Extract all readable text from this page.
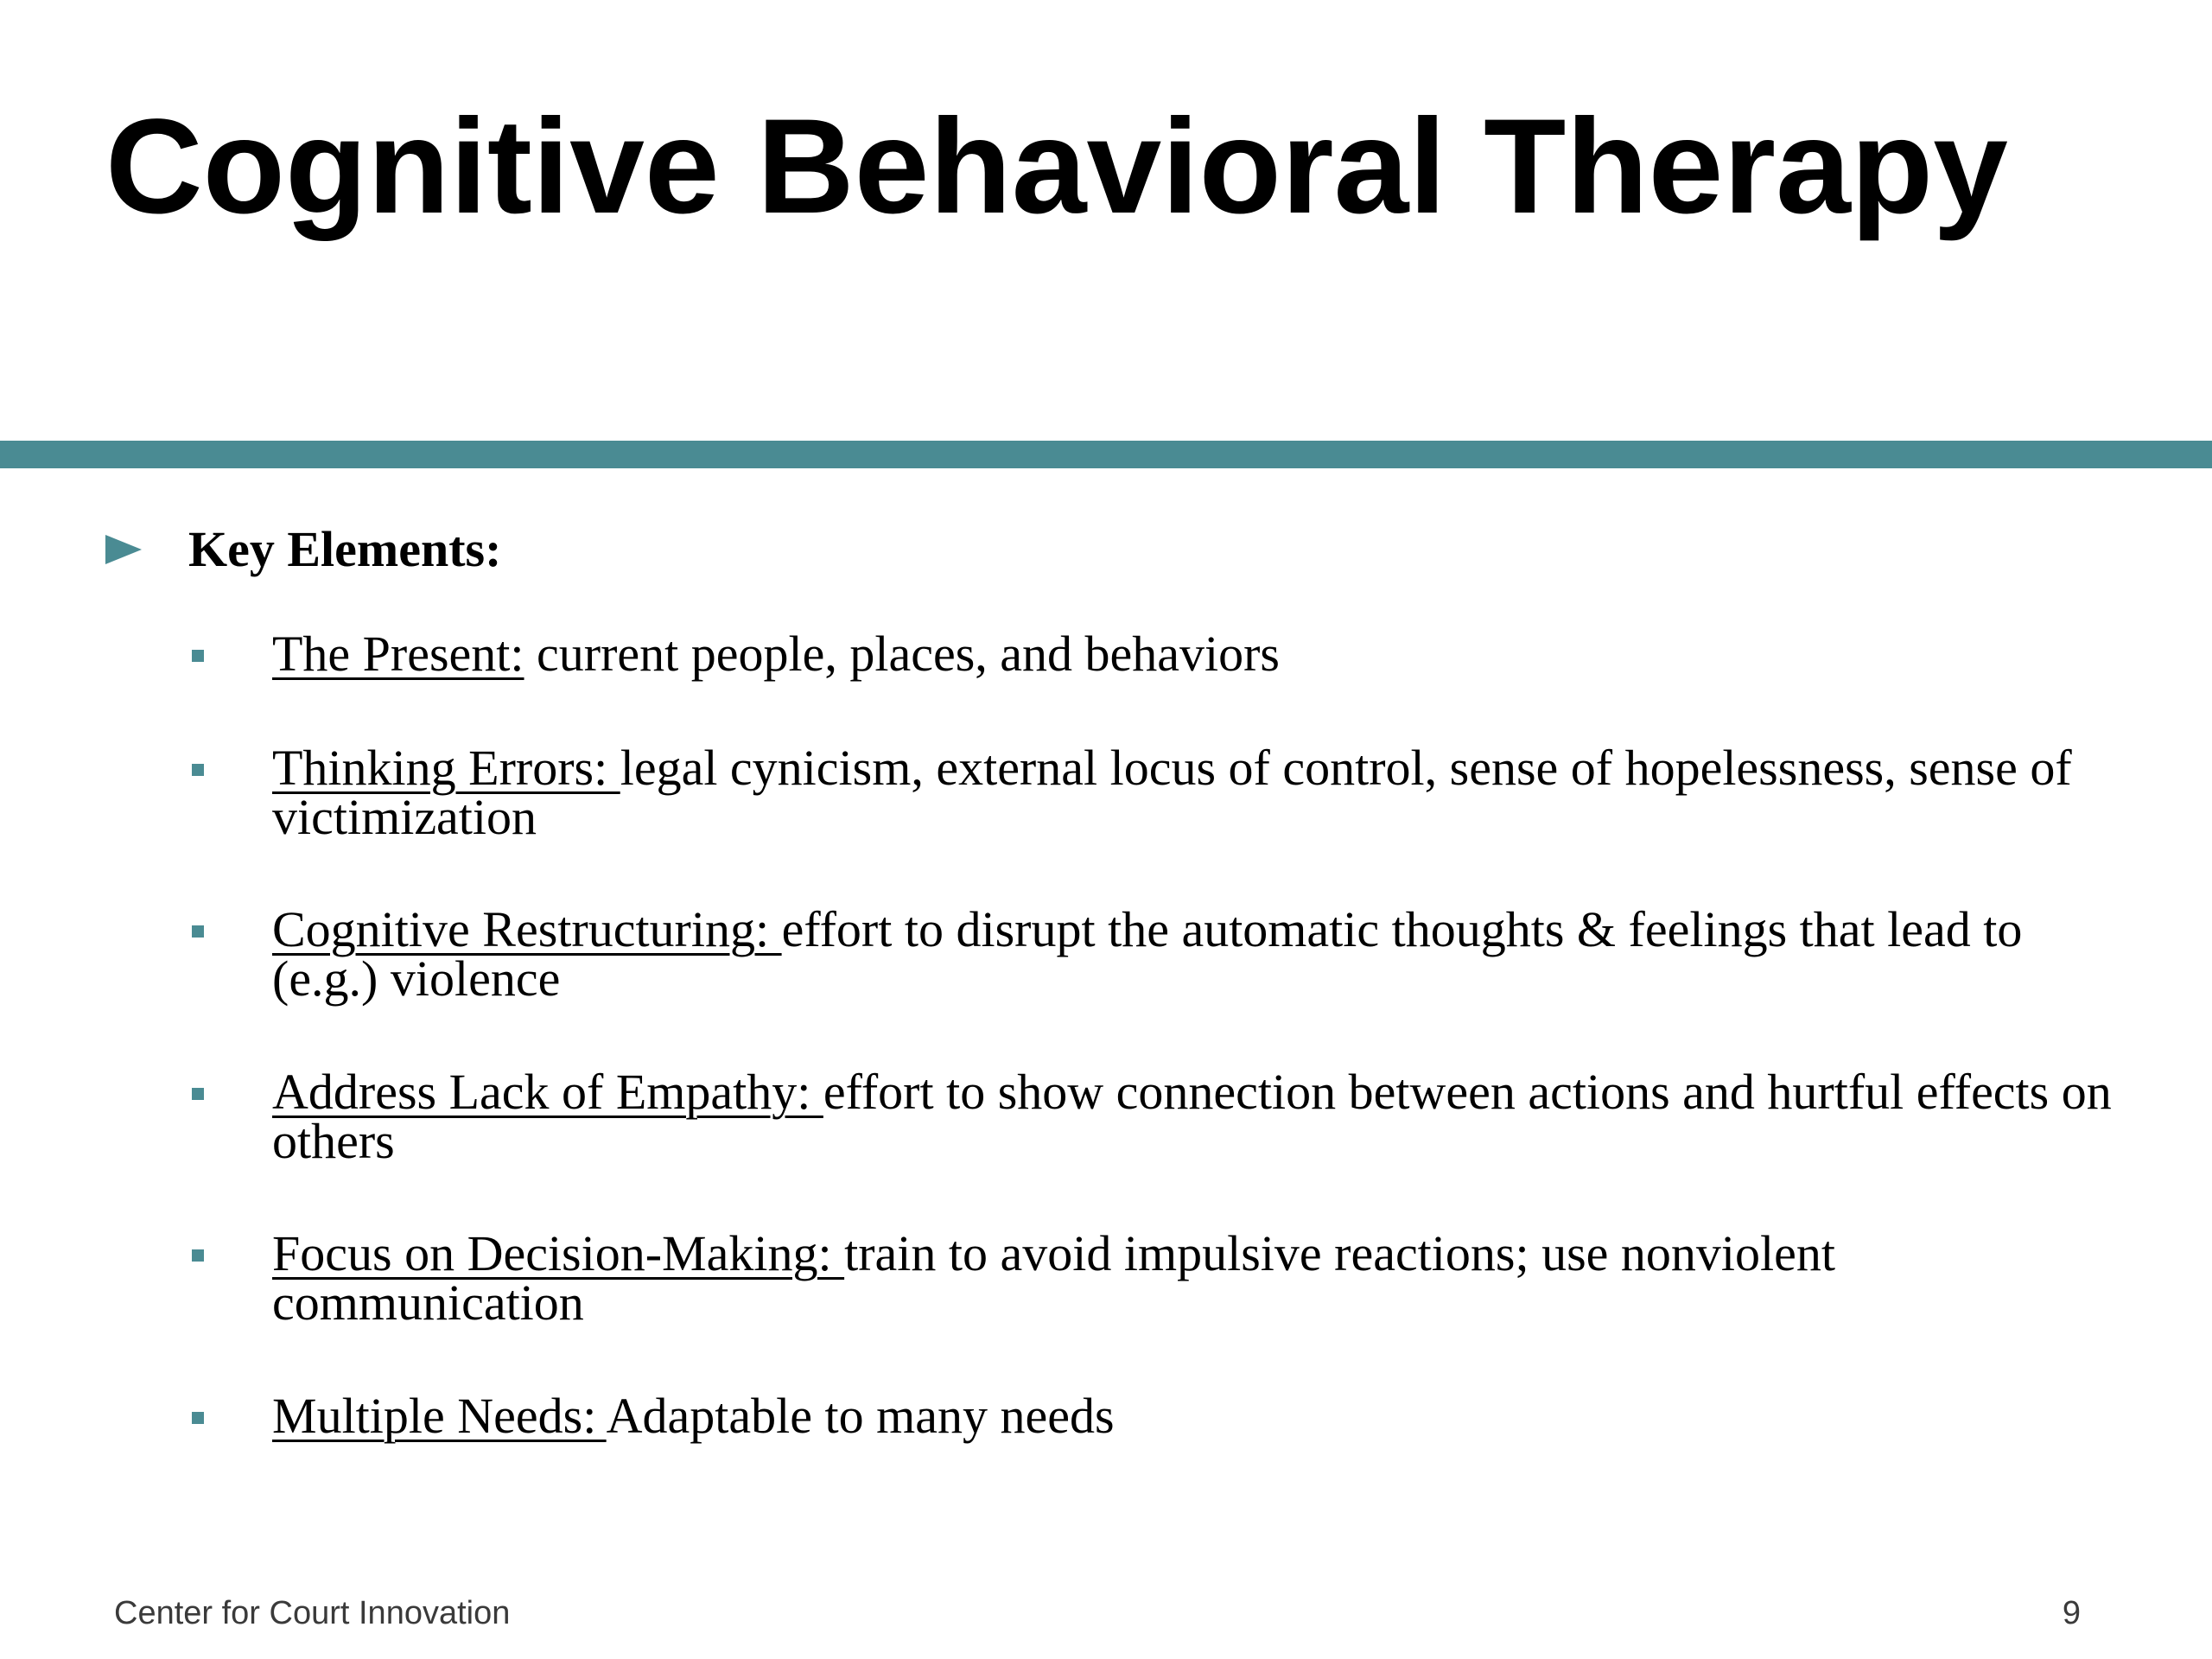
Cognitive Behavioral Therapy
Key Elements:
The Present: current people, places, and behaviors
Thinking Errors: legal cynicism, external locus of control, sense of hopelessness, sense of victimization
Cognitive Restructuring: effort to disrupt the automatic thoughts & feelings that lead to (e.g.) violence
Address Lack of Empathy: effort to show connection between actions and hurtful effects on others
Focus on Decision-Making: train to avoid impulsive reactions; use nonviolent communication
Multiple Needs: Adaptable to many needs
Center for Court Innovation	9
